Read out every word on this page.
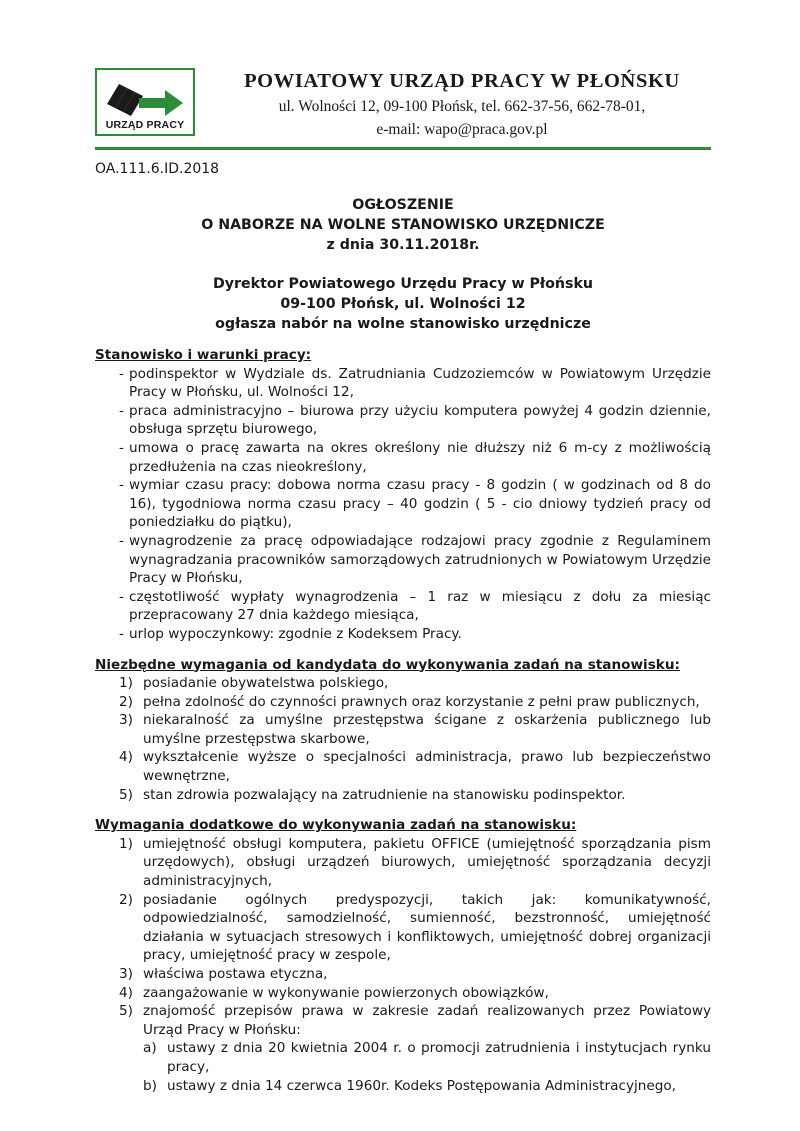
URZĄD PRACY
POWIATOWY URZĄD PRACY W PŁOŃSKU
ul. Wolności 12, 09-100 Płońsk, tel. 662-37-56, 662-78-01,
e-mail: wapo@praca.gov.pl
OA.111.6.ID.2018
OGŁOSZENIE
O NABORZE NA WOLNE STANOWISKO URZĘDNICZE
z dnia 30.11.2018r.
Dyrektor Powiatowego Urzędu Pracy w Płońsku
09-100 Płońsk, ul. Wolności 12
ogłasza nabór na wolne stanowisko urzędnicze

Stanowisko i warunki pracy:

- podinspektor w Wydziale ds. Zatrudniania Cudzoziemców w Powiatowym Urzędzie Pracy w Płońsku, ul. Wolności 12,
- praca administracyjno – biurowa przy użyciu komputera powyżej 4 godzin dziennie, obsługa sprzętu biurowego,
- umowa o pracę zawarta na okres określony nie dłuższy niż 6 m-cy z możliwością przedłużenia na czas nieokreślony,
- wymiar czasu pracy: dobowa norma czasu pracy - 8 godzin ( w godzinach od 8 do 16), tygodniowa norma czasu pracy – 40 godzin ( 5 - cio dniowy tydzień pracy od poniedziałku do piątku),
- wynagrodzenie za pracę odpowiadające rodzajowi pracy zgodnie z Regulaminem wynagradzania pracowników samorządowych zatrudnionych w Powiatowym Urzędzie Pracy w Płońsku,
- częstotliwość wypłaty wynagrodzenia – 1 raz w miesiącu z dołu za miesiąc przepracowany 27 dnia każdego miesiąca,
- urlop wypoczynkowy: zgodnie z Kodeksem Pracy.

Niezbędne wymagania od kandydata do wykonywania zadań na stanowisku:

1) posiadanie obywatelstwa polskiego,
2) pełna zdolność do czynności prawnych oraz korzystanie z pełni praw publicznych,
3) niekaralność za umyślne przestępstwa ścigane z oskarżenia publicznego lub umyślne przestępstwa skarbowe,
4) wykształcenie wyższe o specjalności administracja, prawo lub bezpieczeństwo wewnętrzne,
5) stan zdrowia pozwalający na zatrudnienie na stanowisku podinspektor.

Wymagania dodatkowe do wykonywania zadań na stanowisku:

1) umiejętność obsługi komputera, pakietu OFFICE (umiejętność sporządzania pism urzędowych), obsługi urządzeń biurowych, umiejętność sporządzania decyzji administracyjnych,
2) posiadanie ogólnych predyspozycji, takich jak: komunikatywność, odpowiedzialność, samodzielność, sumienność, bezstronność, umiejętność działania w sytuacjach stresowych i konfliktowych, umiejętność dobrej organizacji pracy, umiejętność pracy w zespole,
3) właściwa postawa etyczna,
4) zaangażowanie w wykonywanie powierzonych obowiązków,
5) znajomość przepisów prawa w zakresie zadań realizowanych przez Powiatowy Urząd Pracy w Płońsku:
a) ustawy z dnia 20 kwietnia 2004 r. o promocji zatrudnienia i instytucjach rynku pracy,
b) ustawy z dnia 14 czerwca 1960r. Kodeks Postępowania Administracyjnego,
